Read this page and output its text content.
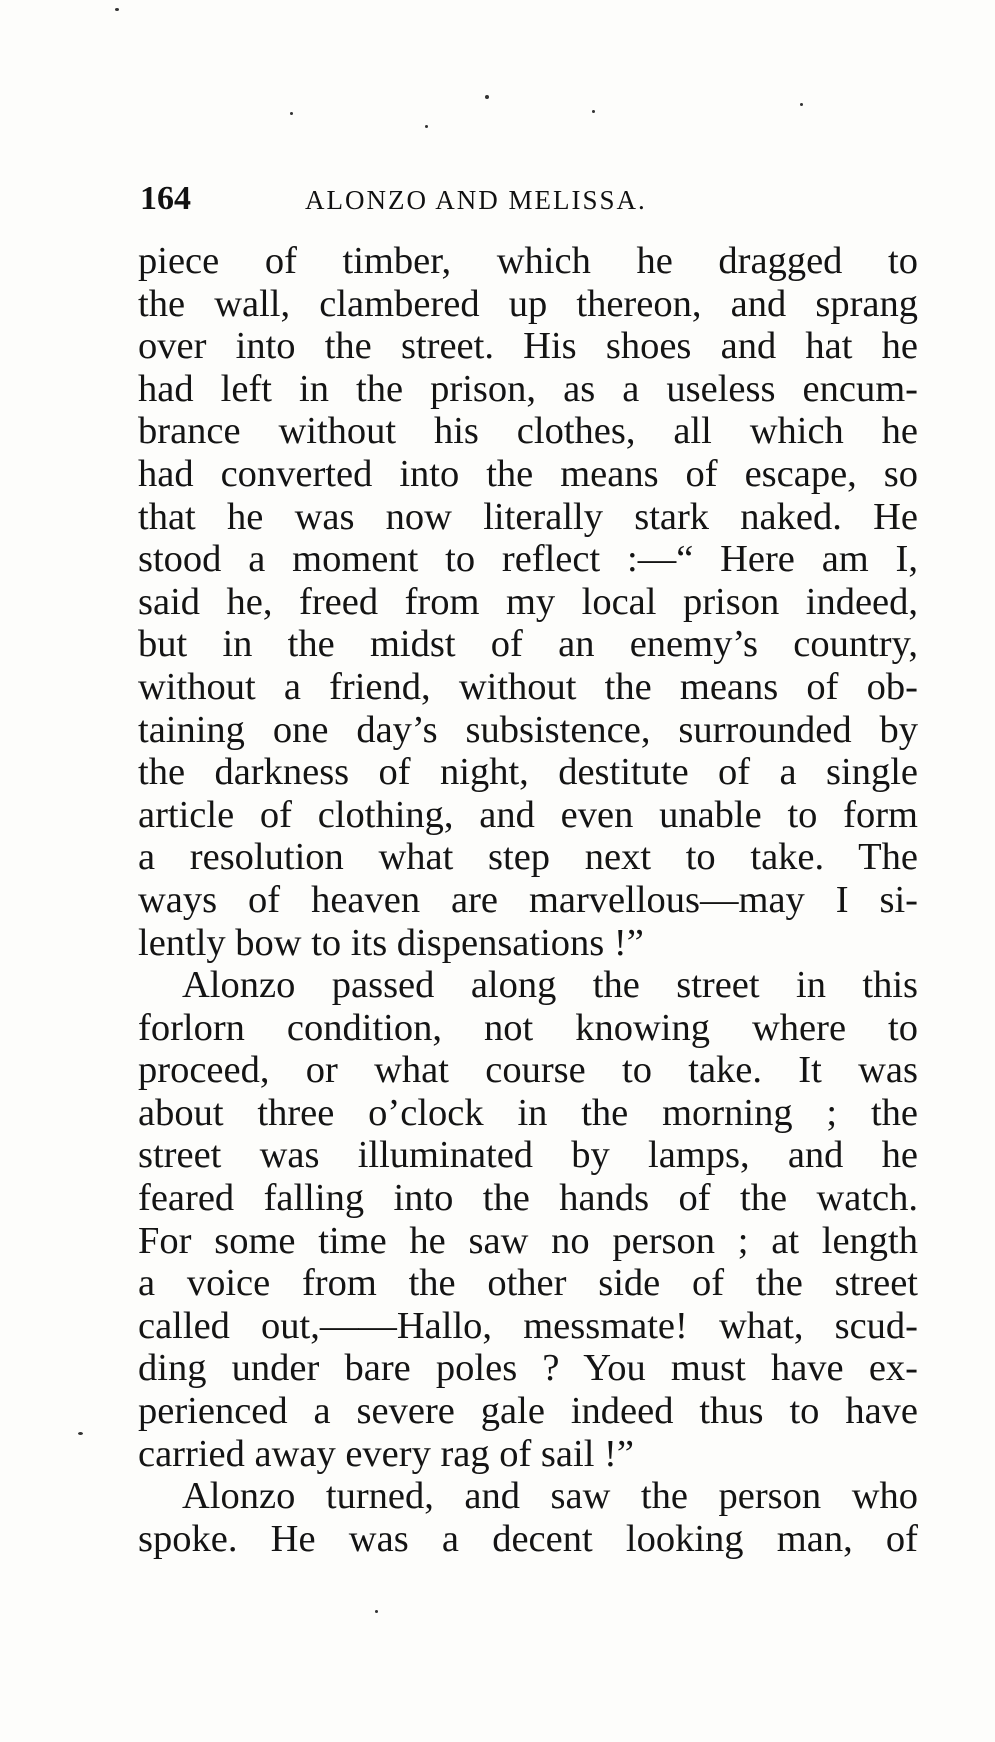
164	ALONZO AND MELISSA.
piece of timber, which he dragged to
the wall, clambered up thereon, and sprang
over into the street. His shoes and hat he
had left in the prison, as a useless encum-
brance without his clothes, all which he
had converted into the means of escape, so
that he was now literally stark naked. He
stood a moment to reflect :—“ Here am I,
said he, freed from my local prison indeed,
but in the midst of an enemy’s country,
without a friend, without the means of ob-
taining one day’s subsistence, surrounded by
the darkness of night, destitute of a single
article of clothing, and even unable to form
a resolution what step next to take. The
ways of heaven are marvellous—may I si-
lently bow to its dispensations !”
Alonzo passed along the street in this
forlorn condition, not knowing where to
proceed, or what course to take. It was
about three o’clock in the morning ; the
street was illuminated by lamps, and he
feared falling into the hands of the watch.
For some time he saw no person ; at length
a voice from the other side of the street
called out,——Hallo, messmate! what, scud-
ding under bare poles ? You must have ex-
perienced a severe gale indeed thus to have
carried away every rag of sail !”
Alonzo turned, and saw the person who
spoke. He was a decent looking man, of
